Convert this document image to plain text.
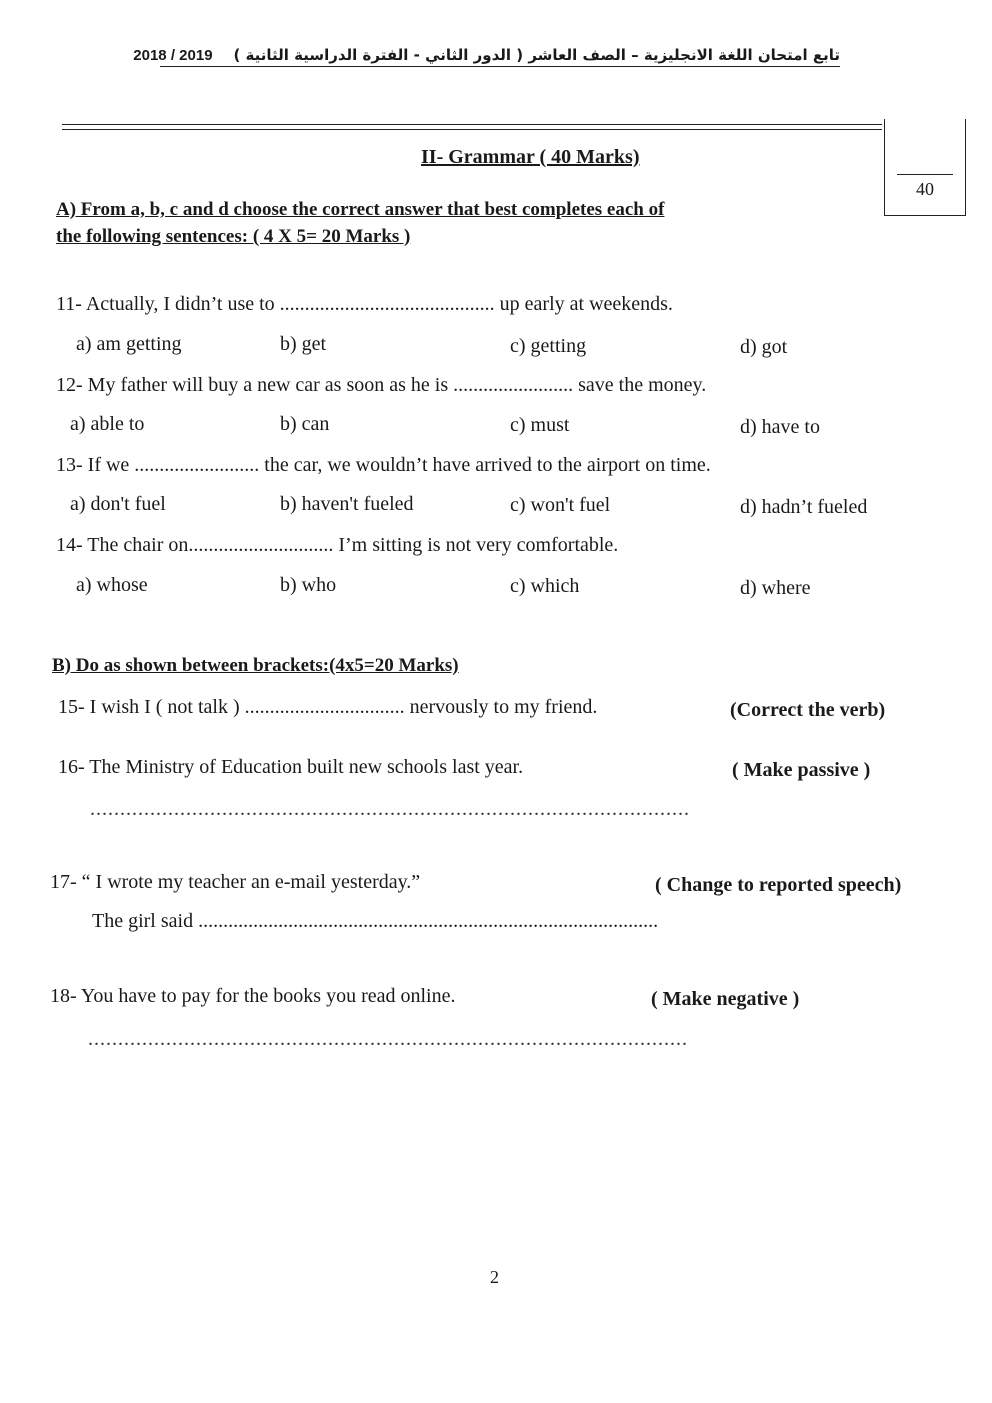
تابع امتحان اللغة الانجليزية – الصف العاشر ( الدور الثاني - الفترة الدراسية الثانية )    2019 / 2018
40
II- Grammar ( 40 Marks)
A) From a, b, c and d choose the correct answer that best completes each of
the following sentences: ( 4 X 5= 20 Marks )
11- Actually, I didn’t use to ........................................... up early at weekends.
a) am getting	b) get	c) getting	d) got
12- My father will buy a new car as soon as he is ........................ save the money.
a) able to	b) can	c) must	d) have to
13- If we ......................... the car, we wouldn’t have arrived to the airport on time.
a) don't fuel	b) haven't fueled	c) won't fuel	d) hadn’t fueled
14- The chair on............................. I’m sitting is not very comfortable.
a) whose	b) who	c) which	d) where
B) Do as shown between brackets:(4x5=20 Marks)
15- I wish I ( not talk ) ................................ nervously to my friend.	(Correct the verb)
16- The Ministry of Education built new schools last year.	( Make passive )
....................................................................................................
17- “ I wrote my teacher an e-mail yesterday.”	( Change to reported speech)
The girl said ............................................................................................
18- You have to pay for the books you read online.	( Make negative )
....................................................................................................
2
